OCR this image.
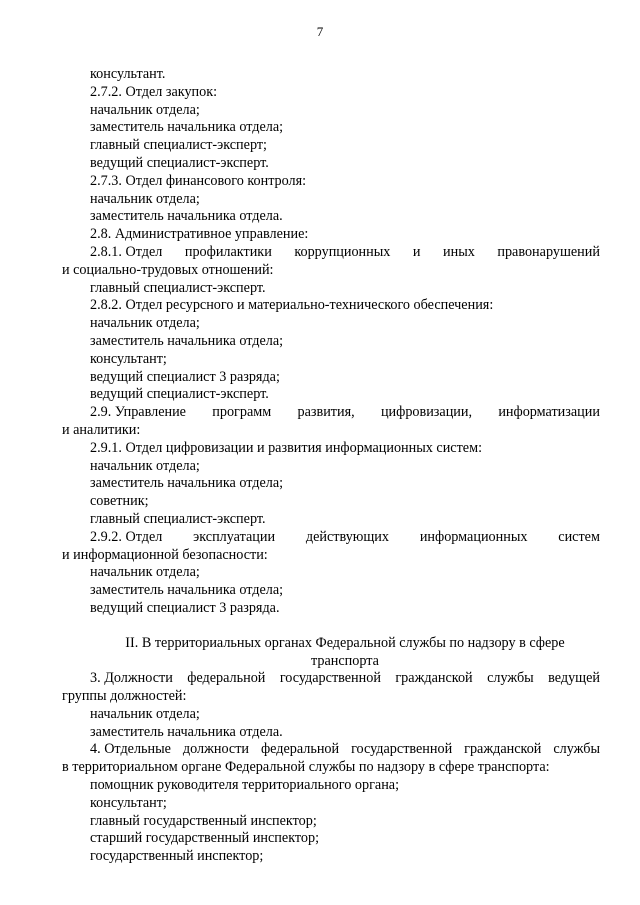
7
консультант.
2.7.2. Отдел закупок:
начальник отдела;
заместитель начальника отдела;
главный специалист-эксперт;
ведущий специалист-эксперт.
2.7.3. Отдел финансового контроля:
начальник отдела;
заместитель начальника отдела.
2.8. Административное управление:
2.8.1. Отдел профилактики коррупционных и иных правонарушений
и социально-трудовых отношений:
главный специалист-эксперт.
2.8.2. Отдел ресурсного и материально-технического обеспечения:
начальник отдела;
заместитель начальника отдела;
консультант;
ведущий специалист 3 разряда;
ведущий специалист-эксперт.
2.9. Управление программ развития, цифровизации, информатизации
и аналитики:
2.9.1. Отдел цифровизации и развития информационных систем:
начальник отдела;
заместитель начальника отдела;
советник;
главный специалист-эксперт.
2.9.2. Отдел эксплуатации действующих информационных систем
и информационной безопасности:
начальник отдела;
заместитель начальника отдела;
ведущий специалист 3 разряда.
II. В территориальных органах Федеральной службы по надзору в сфере
транспорта
3. Должности федеральной государственной гражданской службы ведущей
группы должностей:
начальник отдела;
заместитель начальника отдела.
4. Отдельные должности федеральной государственной гражданской службы
в территориальном органе Федеральной службы по надзору в сфере транспорта:
помощник руководителя территориального органа;
консультант;
главный государственный инспектор;
старший государственный инспектор;
государственный инспектор;
